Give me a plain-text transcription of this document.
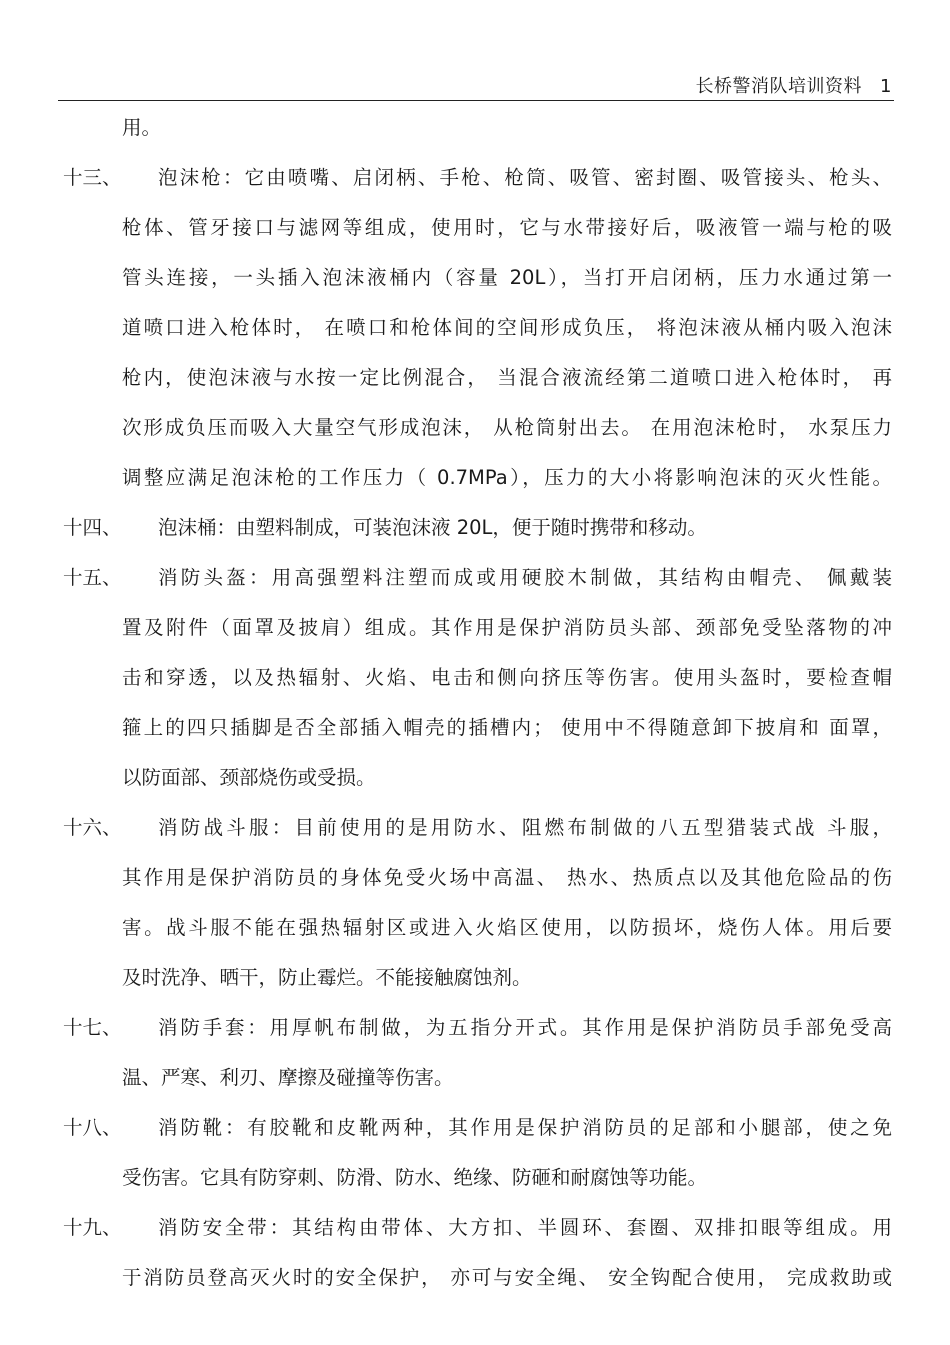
长桥警消队培训资料 1
用。
十三、 泡沫枪：它由喷嘴、启闭柄、手枪、枪筒、吸管、密封圈、吸管接头、枪头、
枪体、管牙接口与滤网等组成，使用时，它与水带接好后，吸液管一端与枪的吸
管头连接，一头插入泡沫液桶内（容量 20L），当打开启闭柄，压力水通过第一
道喷口进入枪体时， 在喷口和枪体间的空间形成负压， 将泡沫液从桶内吸入泡沫
枪内，使泡沫液与水按一定比例混合， 当混合液流经第二道喷口进入枪体时， 再
次形成负压而吸入大量空气形成泡沫， 从枪筒射出去。 在用泡沫枪时， 水泵压力
调整应满足泡沫枪的工作压力（ 0.7MPa），压力的大小将影响泡沫的灭火性能。
十四、 泡沫桶：由塑料制成，可装泡沫液 20L，便于随时携带和移动。
十五、 消防头盔：用高强塑料注塑而成或用硬胶木制做，其结构由帽壳、 佩戴装
置及附件（面罩及披肩）组成。其作用是保护消防员头部、颈部免受坠落物的冲
击和穿透，以及热辐射、火焰、电击和侧向挤压等伤害。使用头盔时，要检查帽
箍上的四只插脚是否全部插入帽壳的插槽内； 使用中不得随意卸下披肩和 面罩，
以防面部、颈部烧伤或受损。
十六、 消防战斗服：目前使用的是用防水、阻燃布制做的八五型猎装式战 斗服，
其作用是保护消防员的身体免受火场中高温、 热水、热质点以及其他危险品的伤
害。战斗服不能在强热辐射区或进入火焰区使用，以防损坏，烧伤人体。用后要
及时洗净、晒干，防止霉烂。不能接触腐蚀剂。
十七、 消防手套：用厚帆布制做，为五指分开式。其作用是保护消防员手部免受高
温、严寒、利刃、摩擦及碰撞等伤害。
十八、 消防靴：有胶靴和皮靴两种，其作用是保护消防员的足部和小腿部，使之免
受伤害。它具有防穿刺、防滑、防水、绝缘、防砸和耐腐蚀等功能。
十九、 消防安全带：其结构由带体、大方扣、半圆环、套圈、双排扣眼等组成。用
于消防员登高灭火时的安全保护， 亦可与安全绳、 安全钩配合使用， 完成救助或
